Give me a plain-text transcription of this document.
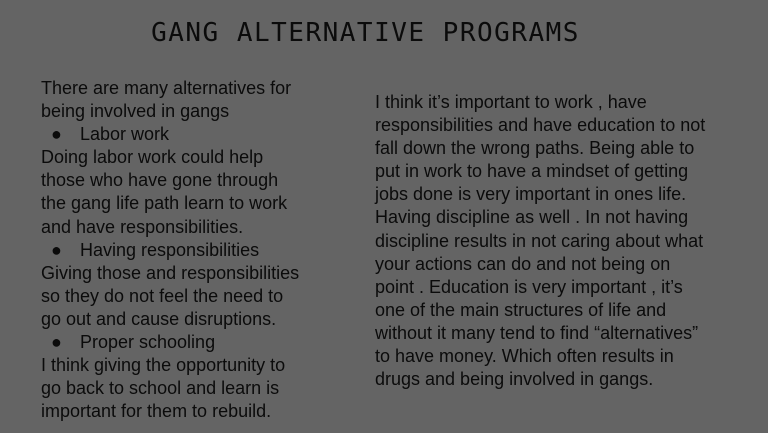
GANG ALTERNATIVE PROGRAMS
There are many alternatives for
being involved in gangs
● Labor work
Doing labor work could help
those who have gone through
the gang life path learn to work
and have responsibilities.
● Having responsibilities
Giving those and responsibilities
so they do not feel the need to
go out and cause disruptions.
● Proper schooling
I think giving the opportunity to
go back to school and learn is
important for them to rebuild.
I think it’s important to work , have
responsibilities and have education to not
fall down the wrong paths. Being able to
put in work to have a mindset of getting
jobs done is very important in ones life.
Having discipline as well . In not having
discipline results in not caring about what
your actions can do and not being on
point . Education is very important , it’s
one of the main structures of life and
without it many tend to find “alternatives”
to have money. Which often results in
drugs and being involved in gangs.
